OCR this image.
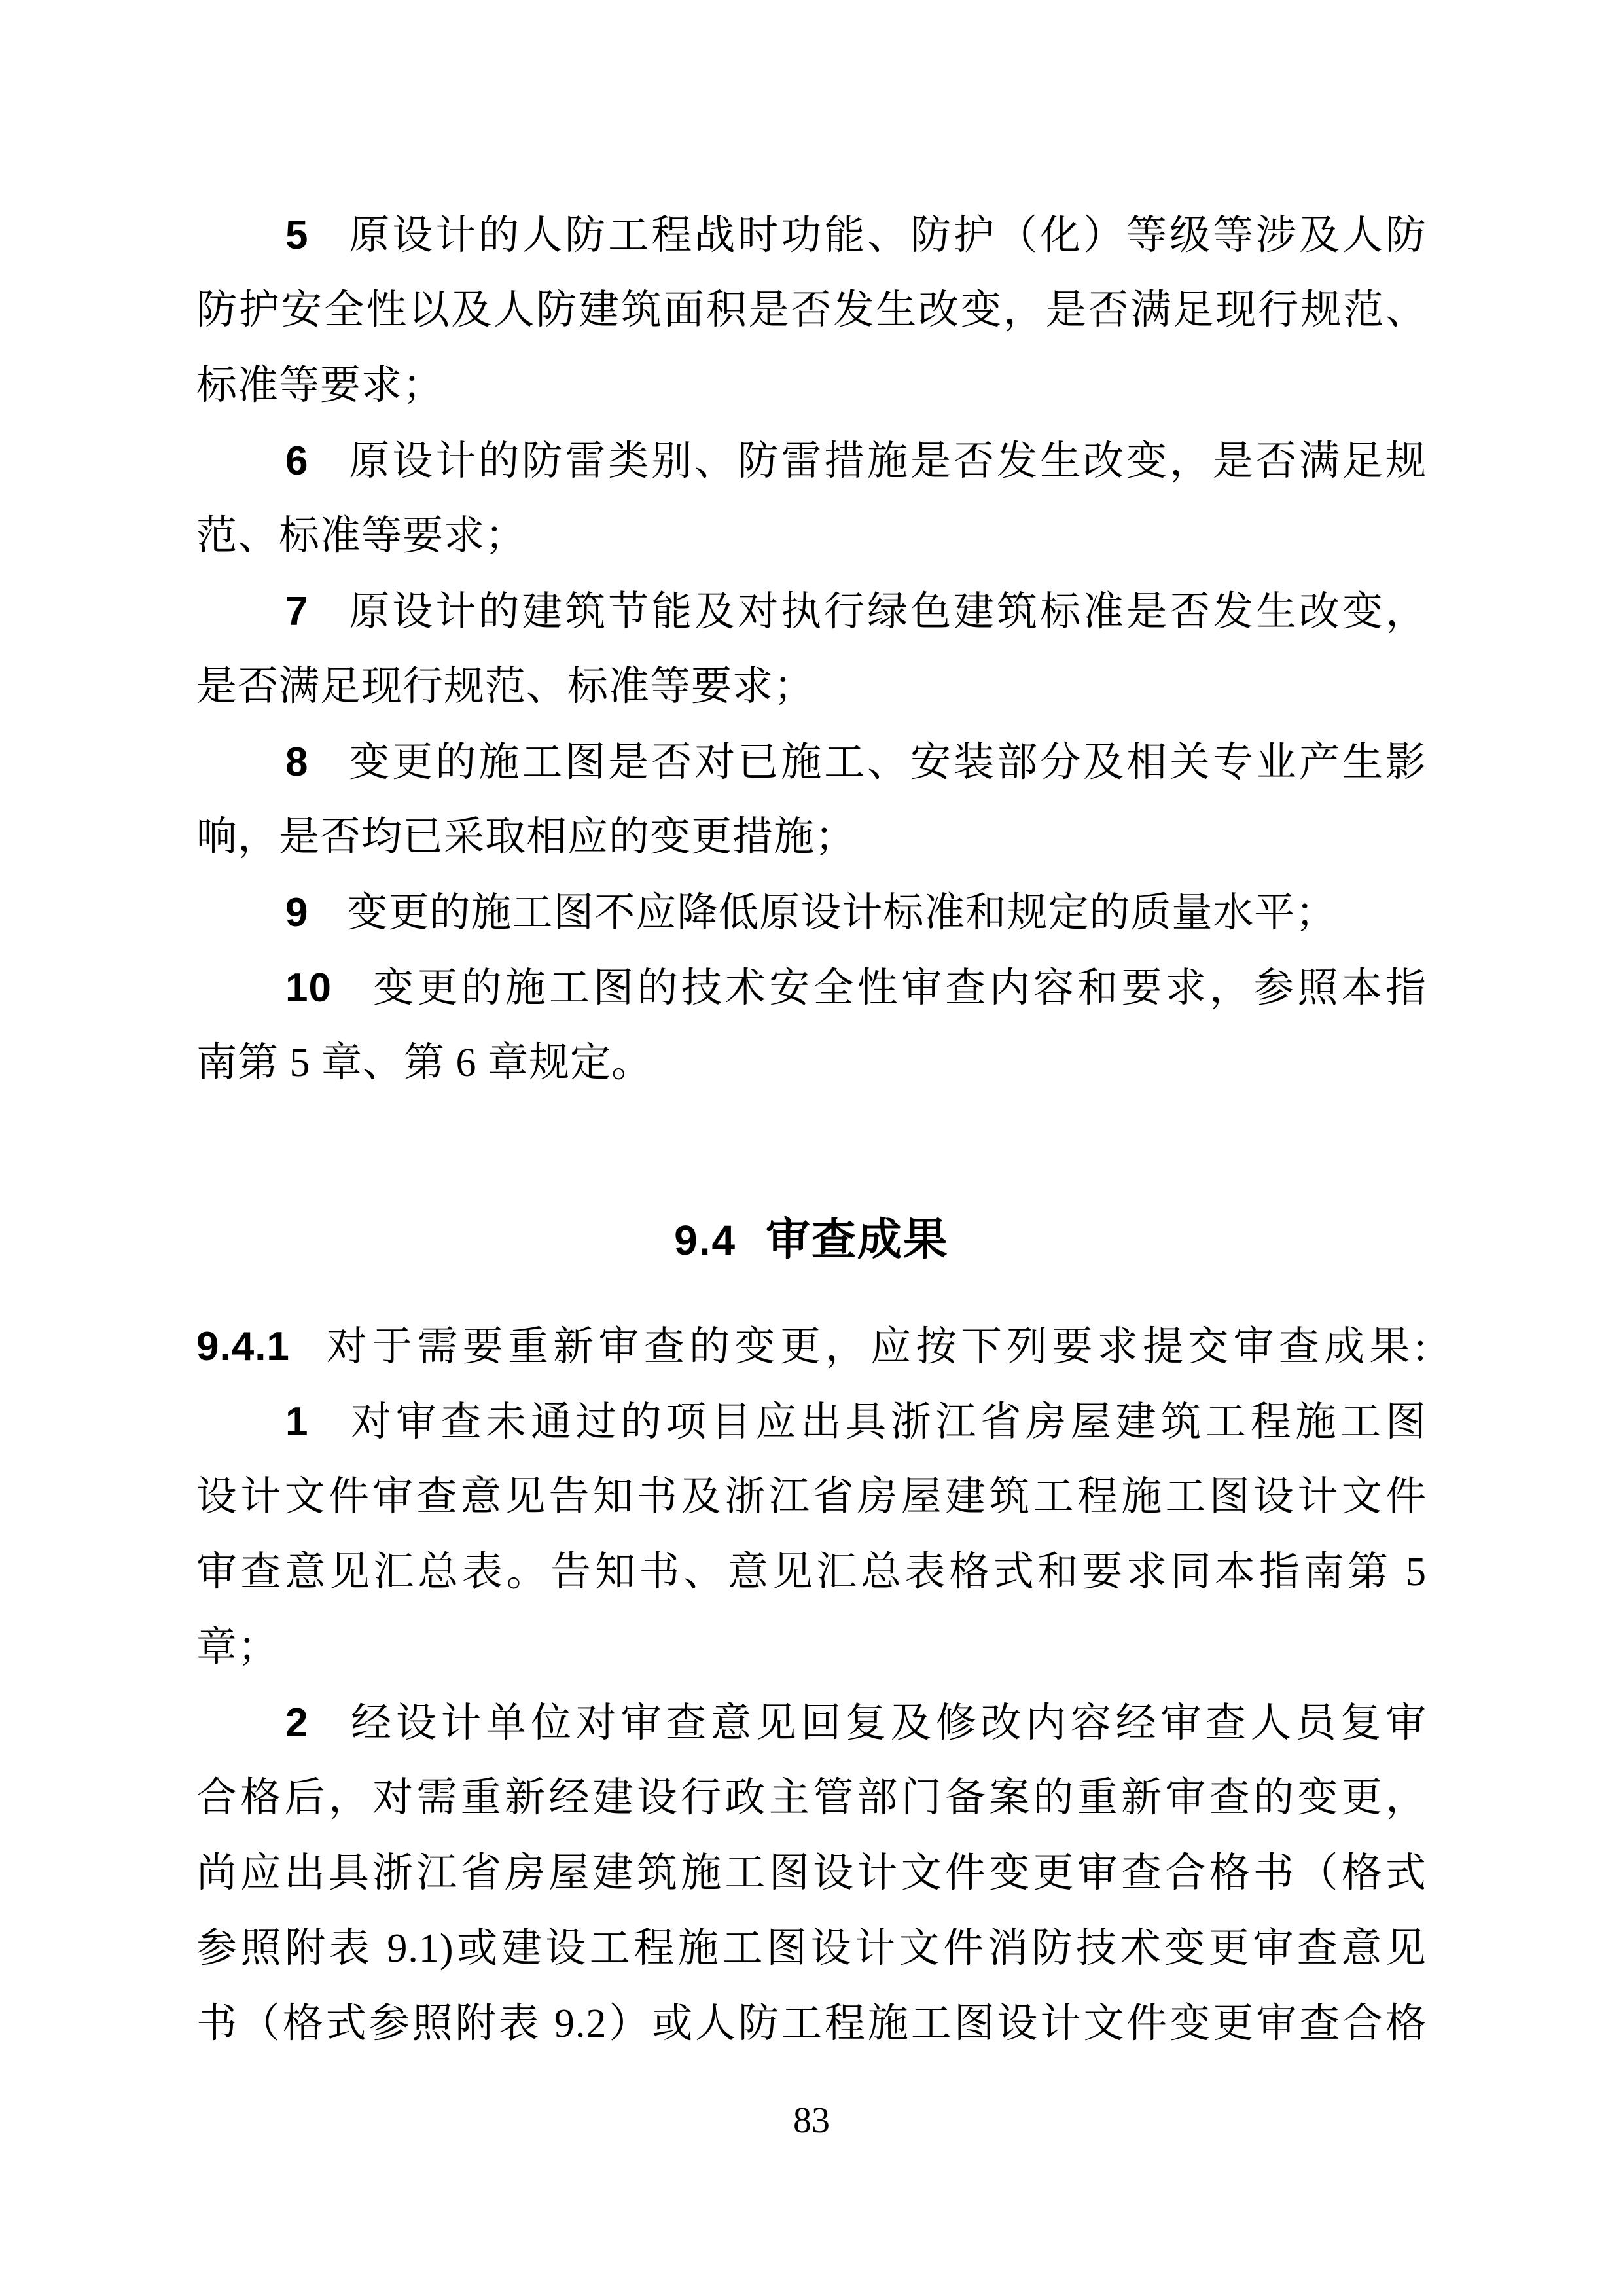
5 原设计的人防工程战时功能、防护（化）等级等涉及人防
防护安全性以及人防建筑面积是否发生改变，是否满足现行规范、
标准等要求；
6 原设计的防雷类别、防雷措施是否发生改变，是否满足规
范、标准等要求；
7 原设计的建筑节能及对执行绿色建筑标准是否发生改变，
是否满足现行规范、标准等要求；
8 变更的施工图是否对已施工、安装部分及相关专业产生影
响，是否均已采取相应的变更措施；
9 变更的施工图不应降低原设计标准和规定的质量水平；
10 变更的施工图的技术安全性审查内容和要求，参照本指
南第 5 章、第 6 章规定。
9.4 审查成果
9.4.1 对于需要重新审查的变更，应按下列要求提交审查成果:
1 对审查未通过的项目应出具浙江省房屋建筑工程施工图
设计文件审查意见告知书及浙江省房屋建筑工程施工图设计文件
审查意见汇总表。告知书、意见汇总表格式和要求同本指南第 5
章；
2 经设计单位对审查意见回复及修改内容经审查人员复审
合格后，对需重新经建设行政主管部门备案的重新审查的变更，
尚应出具浙江省房屋建筑施工图设计文件变更审查合格书（格式
参照附表 9.1)或建设工程施工图设计文件消防技术变更审查意见
书（格式参照附表 9.2）或人防工程施工图设计文件变更审查合格
83
